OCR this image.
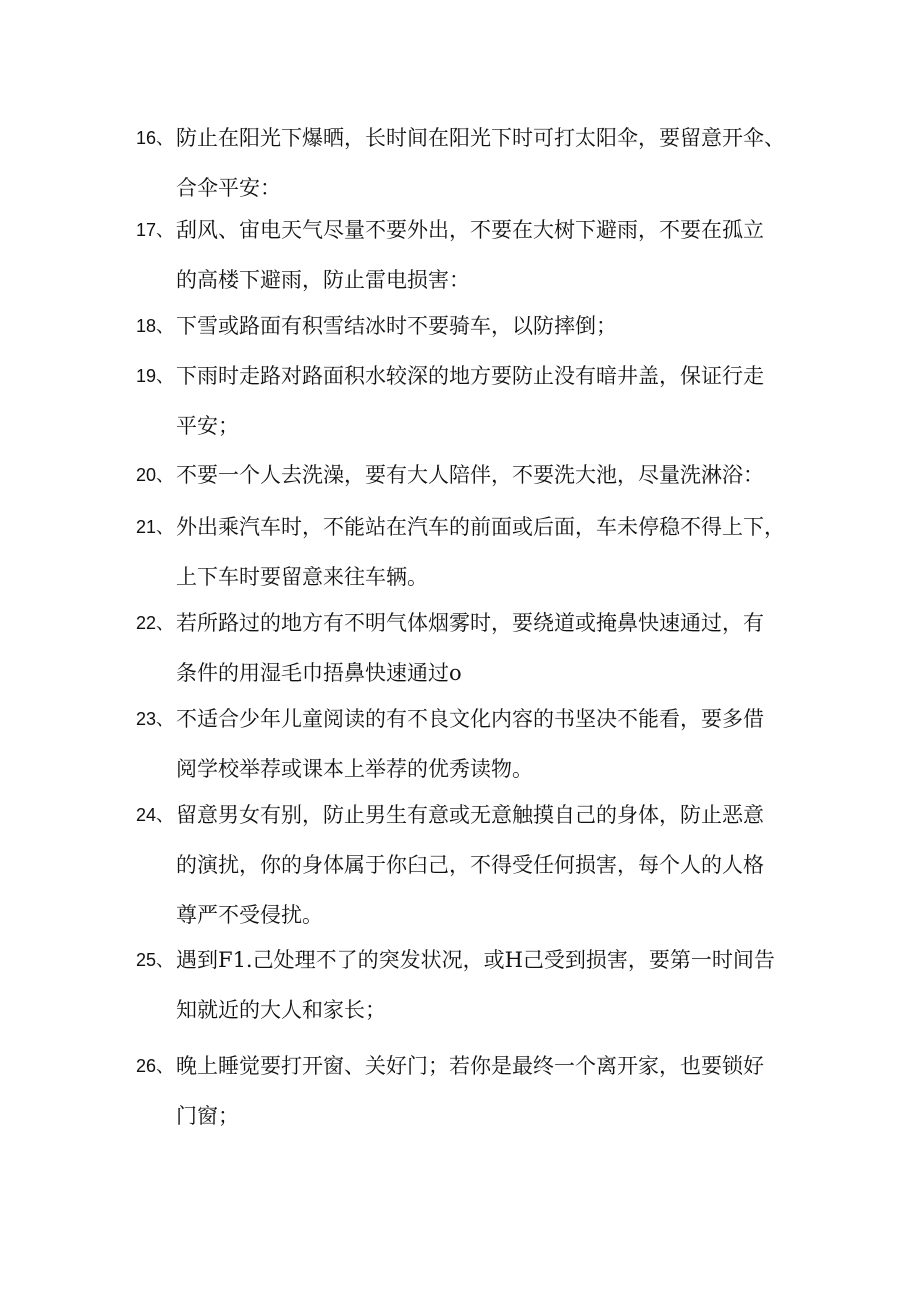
16、 防止在阳光下爆晒，长时间在阳光下时可打太阳伞，要留意开伞、
合伞平安：
17、 刮风、宙电天气尽量不要外出，不要在大树下避雨，不要在孤立
的高楼下避雨，防止雷电损害：
18、 下雪或路面有积雪结冰时不要骑车，以防摔倒；
19、 下雨时走路对路面积水较深的地方要防止没有暗井盖，保证行走
平安；
20、 不要一个人去洗澡，要有大人陪伴，不要洗大池，尽量洗淋浴：
21、 外出乘汽车时，不能站在汽车的前面或后面，车未停稳不得上下，
上下车时要留意来往车辆。
22、 若所路过的地方有不明气体烟雾时，要绕道或掩鼻快速通过，有
条件的用湿毛巾捂鼻快速通过o
23、 不适合少年儿童阅读的有不良文化内容的书坚决不能看，要多借
阅学校举荐或课本上举荐的优秀读物。
24、 留意男女有别，防止男生有意或无意触摸自己的身体，防止恶意
的演扰，你的身体属于你臼己，不得受任何损害，每个人的人格
尊严不受侵扰。
25、 遇到F1.己处理不了的突发状况，或H己受到损害，要第一时间告
知就近的大人和家长；
26、 晚上睡觉要打开窗、关好门；若你是最终一个离开家，也要锁好
门窗；
